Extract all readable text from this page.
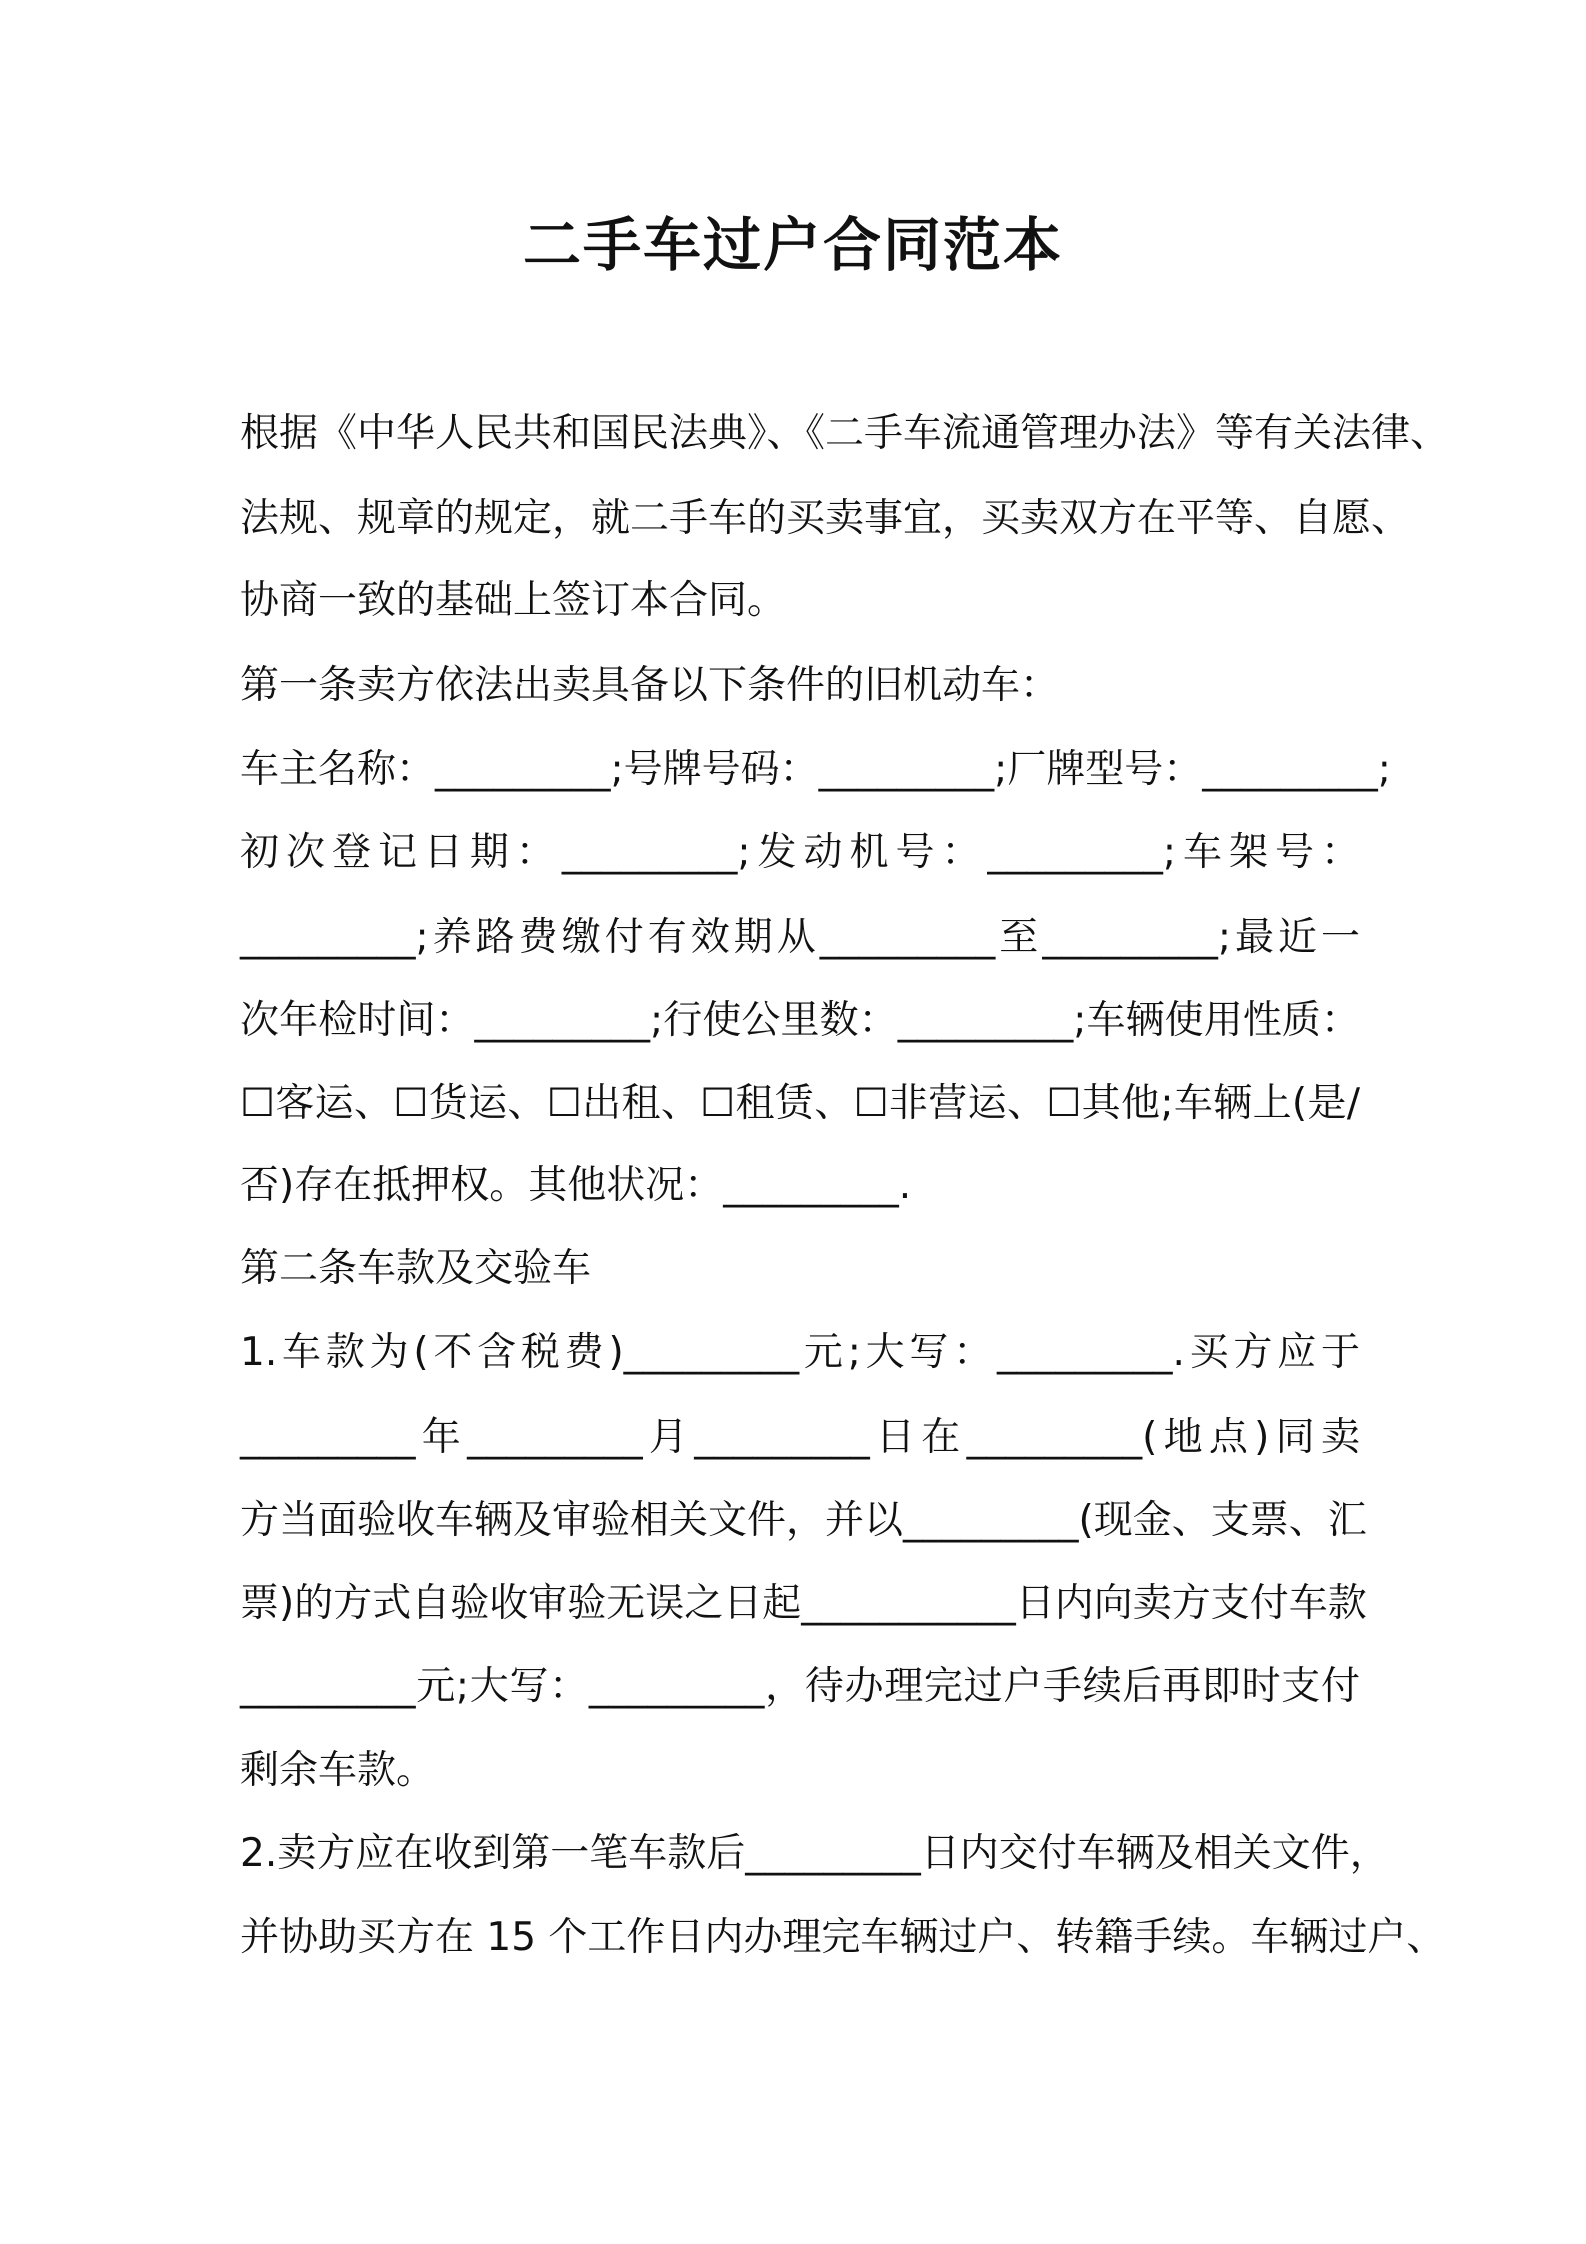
二手车过户合同范本

根据《中华人民共和国民法典》、《二手车流通管理办法》等有关法律、

法规、规章的规定，就二手车的买卖事宜，买卖双方在平等、自愿、

协商一致的基础上签订本合同。

第一条卖方依法出卖具备以下条件的旧机动车：

车主名称：_________;号牌号码：_________;厂牌型号：_________;

初次登记日期：_________;发动机号：_________;车架号：

_________;养路费缴付有效期从_________至_________;最近一

次年检时间：_________;行使公里数：_________;车辆使用性质：

☐客运、☐货运、☐出租、☐租赁、☐非营运、☐其他;车辆上(是/

否)存在抵押权。其他状况：_________.

第二条车款及交验车

1.车款为(不含税费)_________元;大写：_________.买方应于

_________年_________月_________日在_________(地点)同卖

方当面验收车辆及审验相关文件，并以_________(现金、支票、汇

票)的方式自验收审验无误之日起___________日内向卖方支付车款

_________元;大写：_________，待办理完过户手续后再即时支付

剩余车款。

2.卖方应在收到第一笔车款后_________日内交付车辆及相关文件，

并协助买方在 15 个工作日内办理完车辆过户、转籍手续。车辆过户、
